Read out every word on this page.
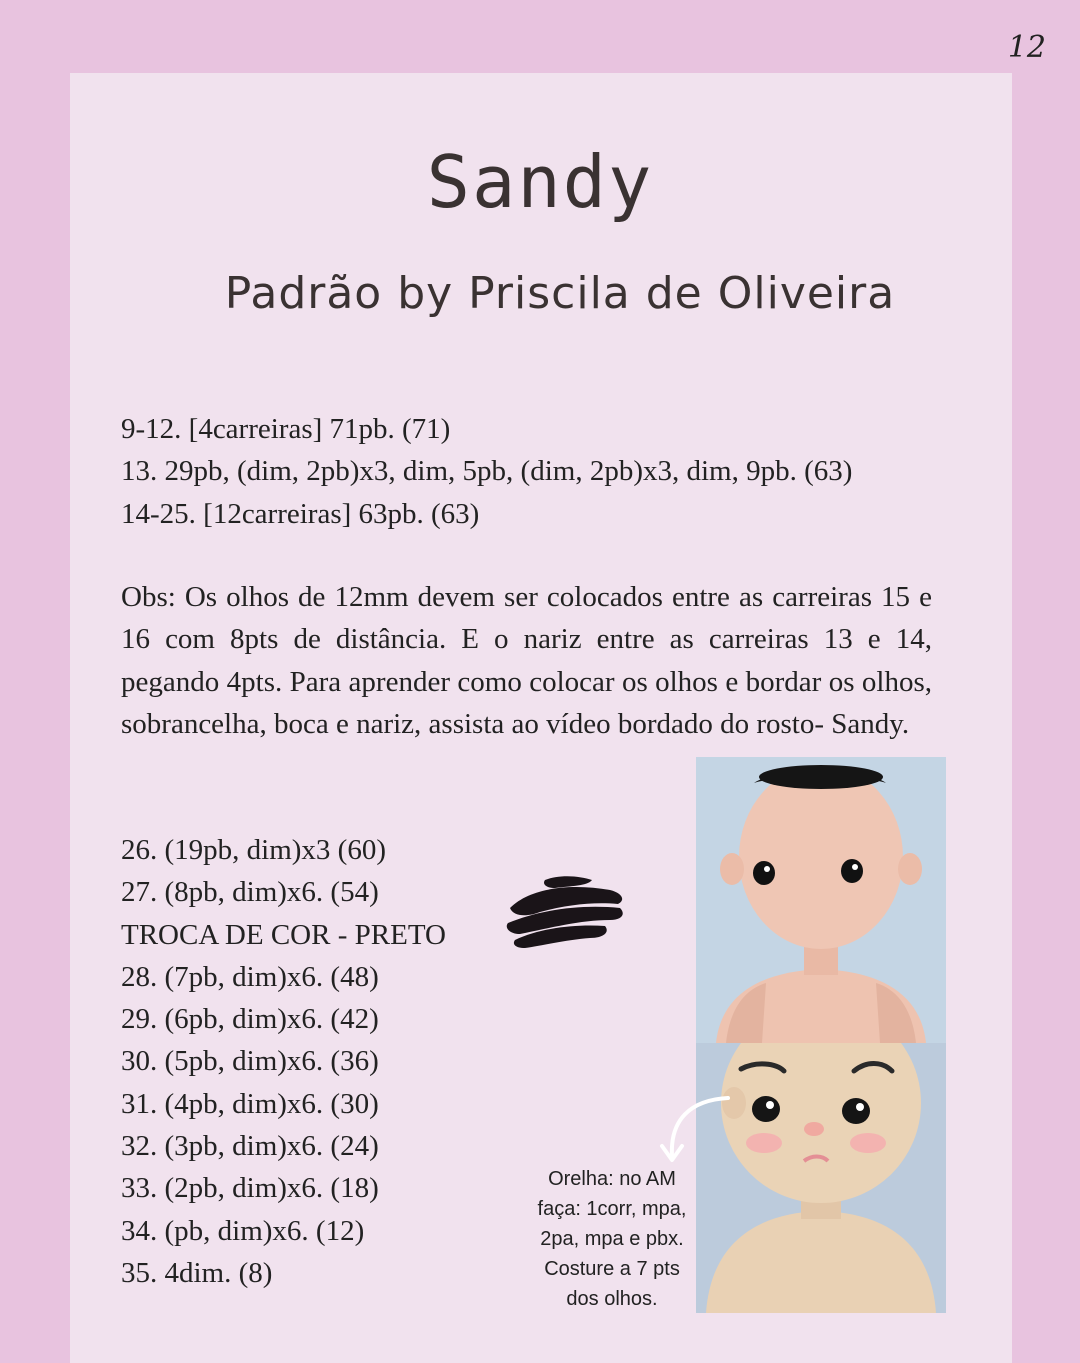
12
Sandy
Padrão by Priscila de Oliveira
9-12. [4carreiras] 71pb. (71)
13. 29pb, (dim, 2pb)x3, dim, 5pb, (dim, 2pb)x3, dim, 9pb. (63)
14-25. [12carreiras] 63pb. (63)
Obs: Os olhos de 12mm devem ser colocados entre as carreiras 15 e 16 com 8pts de distância. E o nariz entre as carreiras 13 e 14, pegando 4pts. Para aprender como colocar os olhos e bordar os olhos, sobrancelha, boca e nariz, assista ao vídeo bordado do rosto- Sandy.
26. (19pb, dim)x3 (60)
27. (8pb, dim)x6. (54)
TROCA DE COR - PRETO
28. (7pb, dim)x6. (48)
29. (6pb, dim)x6. (42)
30. (5pb, dim)x6. (36)
31. (4pb, dim)x6. (30)
32. (3pb, dim)x6. (24)
33. (2pb, dim)x6. (18)
34. (pb, dim)x6. (12)
35. 4dim. (8)
Orelha: no AM
faça: 1corr, mpa,
2pa, mpa e pbx.
Costure a 7 pts
dos olhos.
